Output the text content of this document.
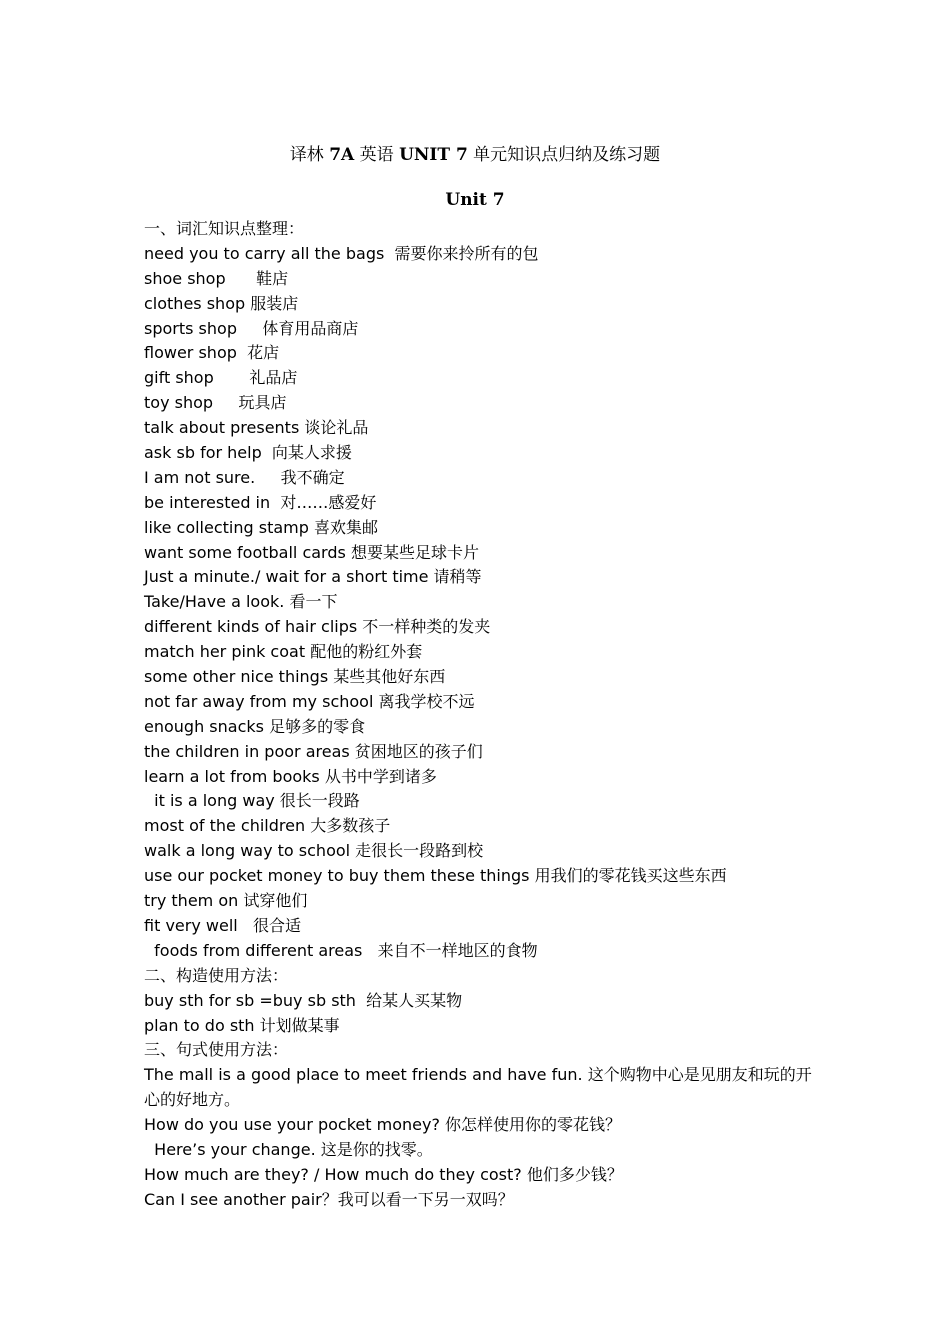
译林 7A 英语 UNIT 7 单元知识点归纳及练习题
Unit 7
一、词汇知识点整理：
need you to carry all the bags  需要你来拎所有的包
shoe shop      鞋店
clothes shop 服装店
sports shop     体育用品商店
flower shop  花店
gift shop       礼品店
toy shop     玩具店
talk about presents 谈论礼品
ask sb for help  向某人求援
I am not sure.     我不确定
be interested in  对……感爱好
like collecting stamp 喜欢集邮
want some football cards 想要某些足球卡片
Just a minute./ wait for a short time 请稍等
Take/Have a look. 看一下
different kinds of hair clips 不一样种类的发夹
match her pink coat 配他的粉红外套
some other nice things 某些其他好东西
not far away from my school 离我学校不远
enough snacks 足够多的零食
the children in poor areas 贫困地区的孩子们
learn a lot from books 从书中学到诸多
it is a long way 很长一段路
most of the children 大多数孩子
walk a long way to school 走很长一段路到校
use our pocket money to buy them these things 用我们的零花钱买这些东西
try them on 试穿他们
fit very well   很合适
foods from different areas   来自不一样地区的食物
二、构造使用方法：
buy sth for sb =buy sb sth  给某人买某物
plan to do sth 计划做某事
三、句式使用方法：
The mall is a good place to meet friends and have fun. 这个购物中心是见朋友和玩的开心的好地方。
How do you use your pocket money? 你怎样使用你的零花钱？
Here’s your change. 这是你的找零。
How much are they? / How much do they cost? 他们多少钱？
Can I see another pair？我可以看一下另一双吗？
